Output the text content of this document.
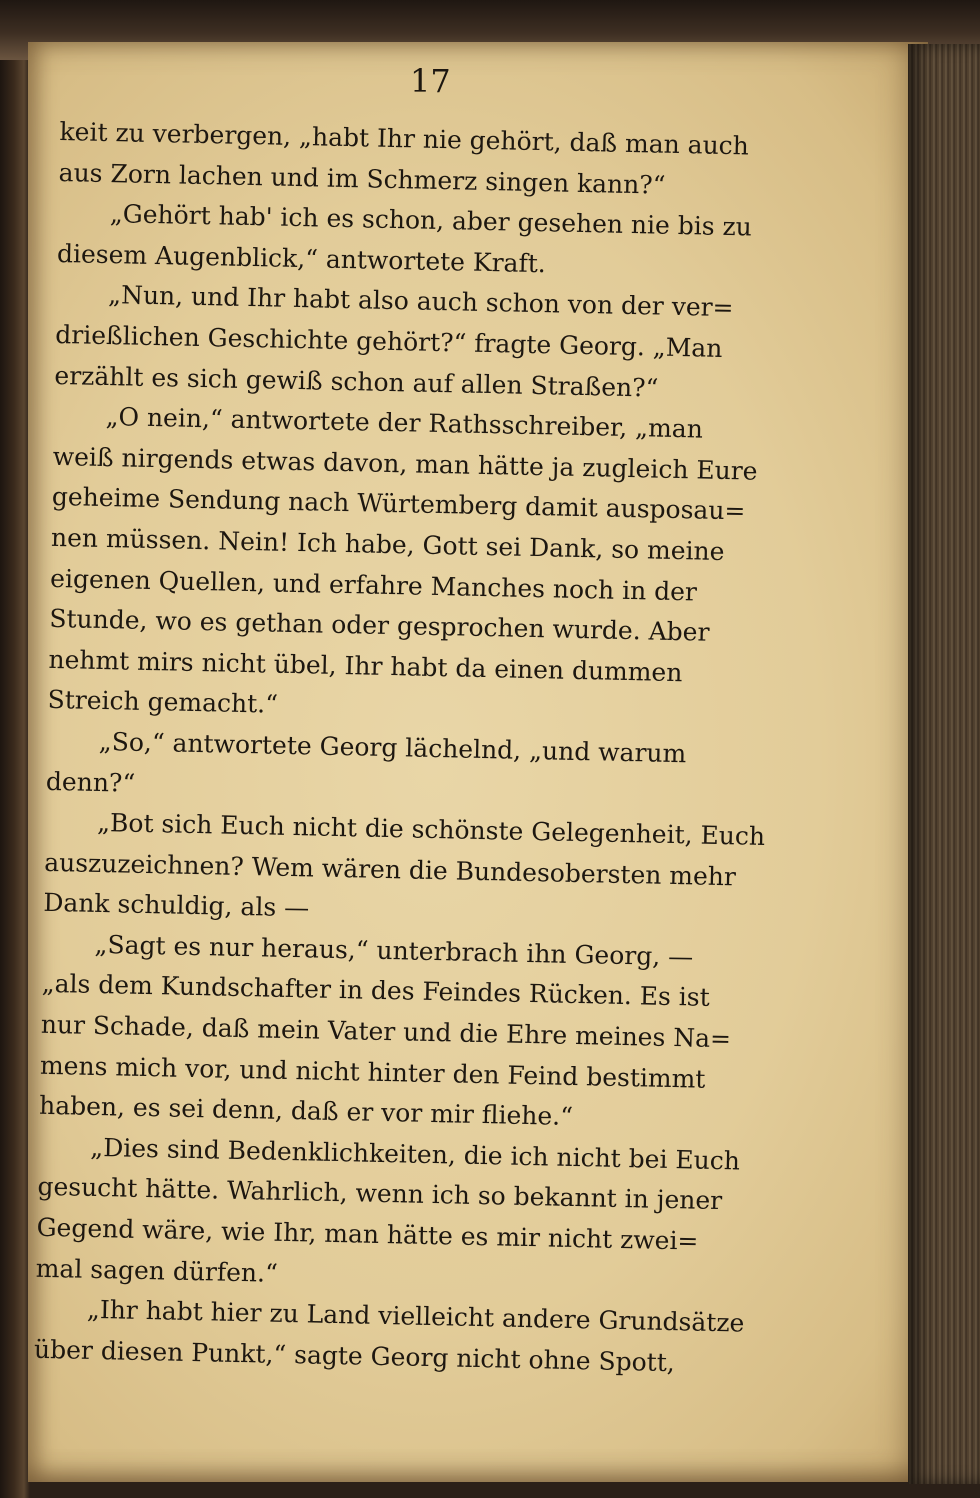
17
keit zu verbergen, „habt Ihr nie gehört, daß man auch
aus Zorn lachen und im Schmerz singen kann?“
„Gehört hab' ich es schon, aber gesehen nie bis zu
diesem Augenblick,“ antwortete Kraft.
„Nun, und Ihr habt also auch schon von der ver=
drießlichen Geschichte gehört?“ fragte Georg. „Man
erzählt es sich gewiß schon auf allen Straßen?“
„O nein,“ antwortete der Rathsschreiber, „man
weiß nirgends etwas davon, man hätte ja zugleich Eure
geheime Sendung nach Würtemberg damit ausposau=
nen müssen. Nein! Ich habe, Gott sei Dank, so meine
eigenen Quellen, und erfahre Manches noch in der
Stunde, wo es gethan oder gesprochen wurde. Aber
nehmt mirs nicht übel, Ihr habt da einen dummen
Streich gemacht.“
„So,“ antwortete Georg lächelnd, „und warum
denn?“
„Bot sich Euch nicht die schönste Gelegenheit, Euch
auszuzeichnen? Wem wären die Bundesobersten mehr
Dank schuldig, als —
„Sagt es nur heraus,“ unterbrach ihn Georg, —
„als dem Kundschafter in des Feindes Rücken. Es ist
nur Schade, daß mein Vater und die Ehre meines Na=
mens mich vor, und nicht hinter den Feind bestimmt
haben, es sei denn, daß er vor mir fliehe.“
„Dies sind Bedenklichkeiten, die ich nicht bei Euch
gesucht hätte. Wahrlich, wenn ich so bekannt in jener
Gegend wäre, wie Ihr, man hätte es mir nicht zwei=
mal sagen dürfen.“
„Ihr habt hier zu Land vielleicht andere Grundsätze
über diesen Punkt,“ sagte Georg nicht ohne Spott,
